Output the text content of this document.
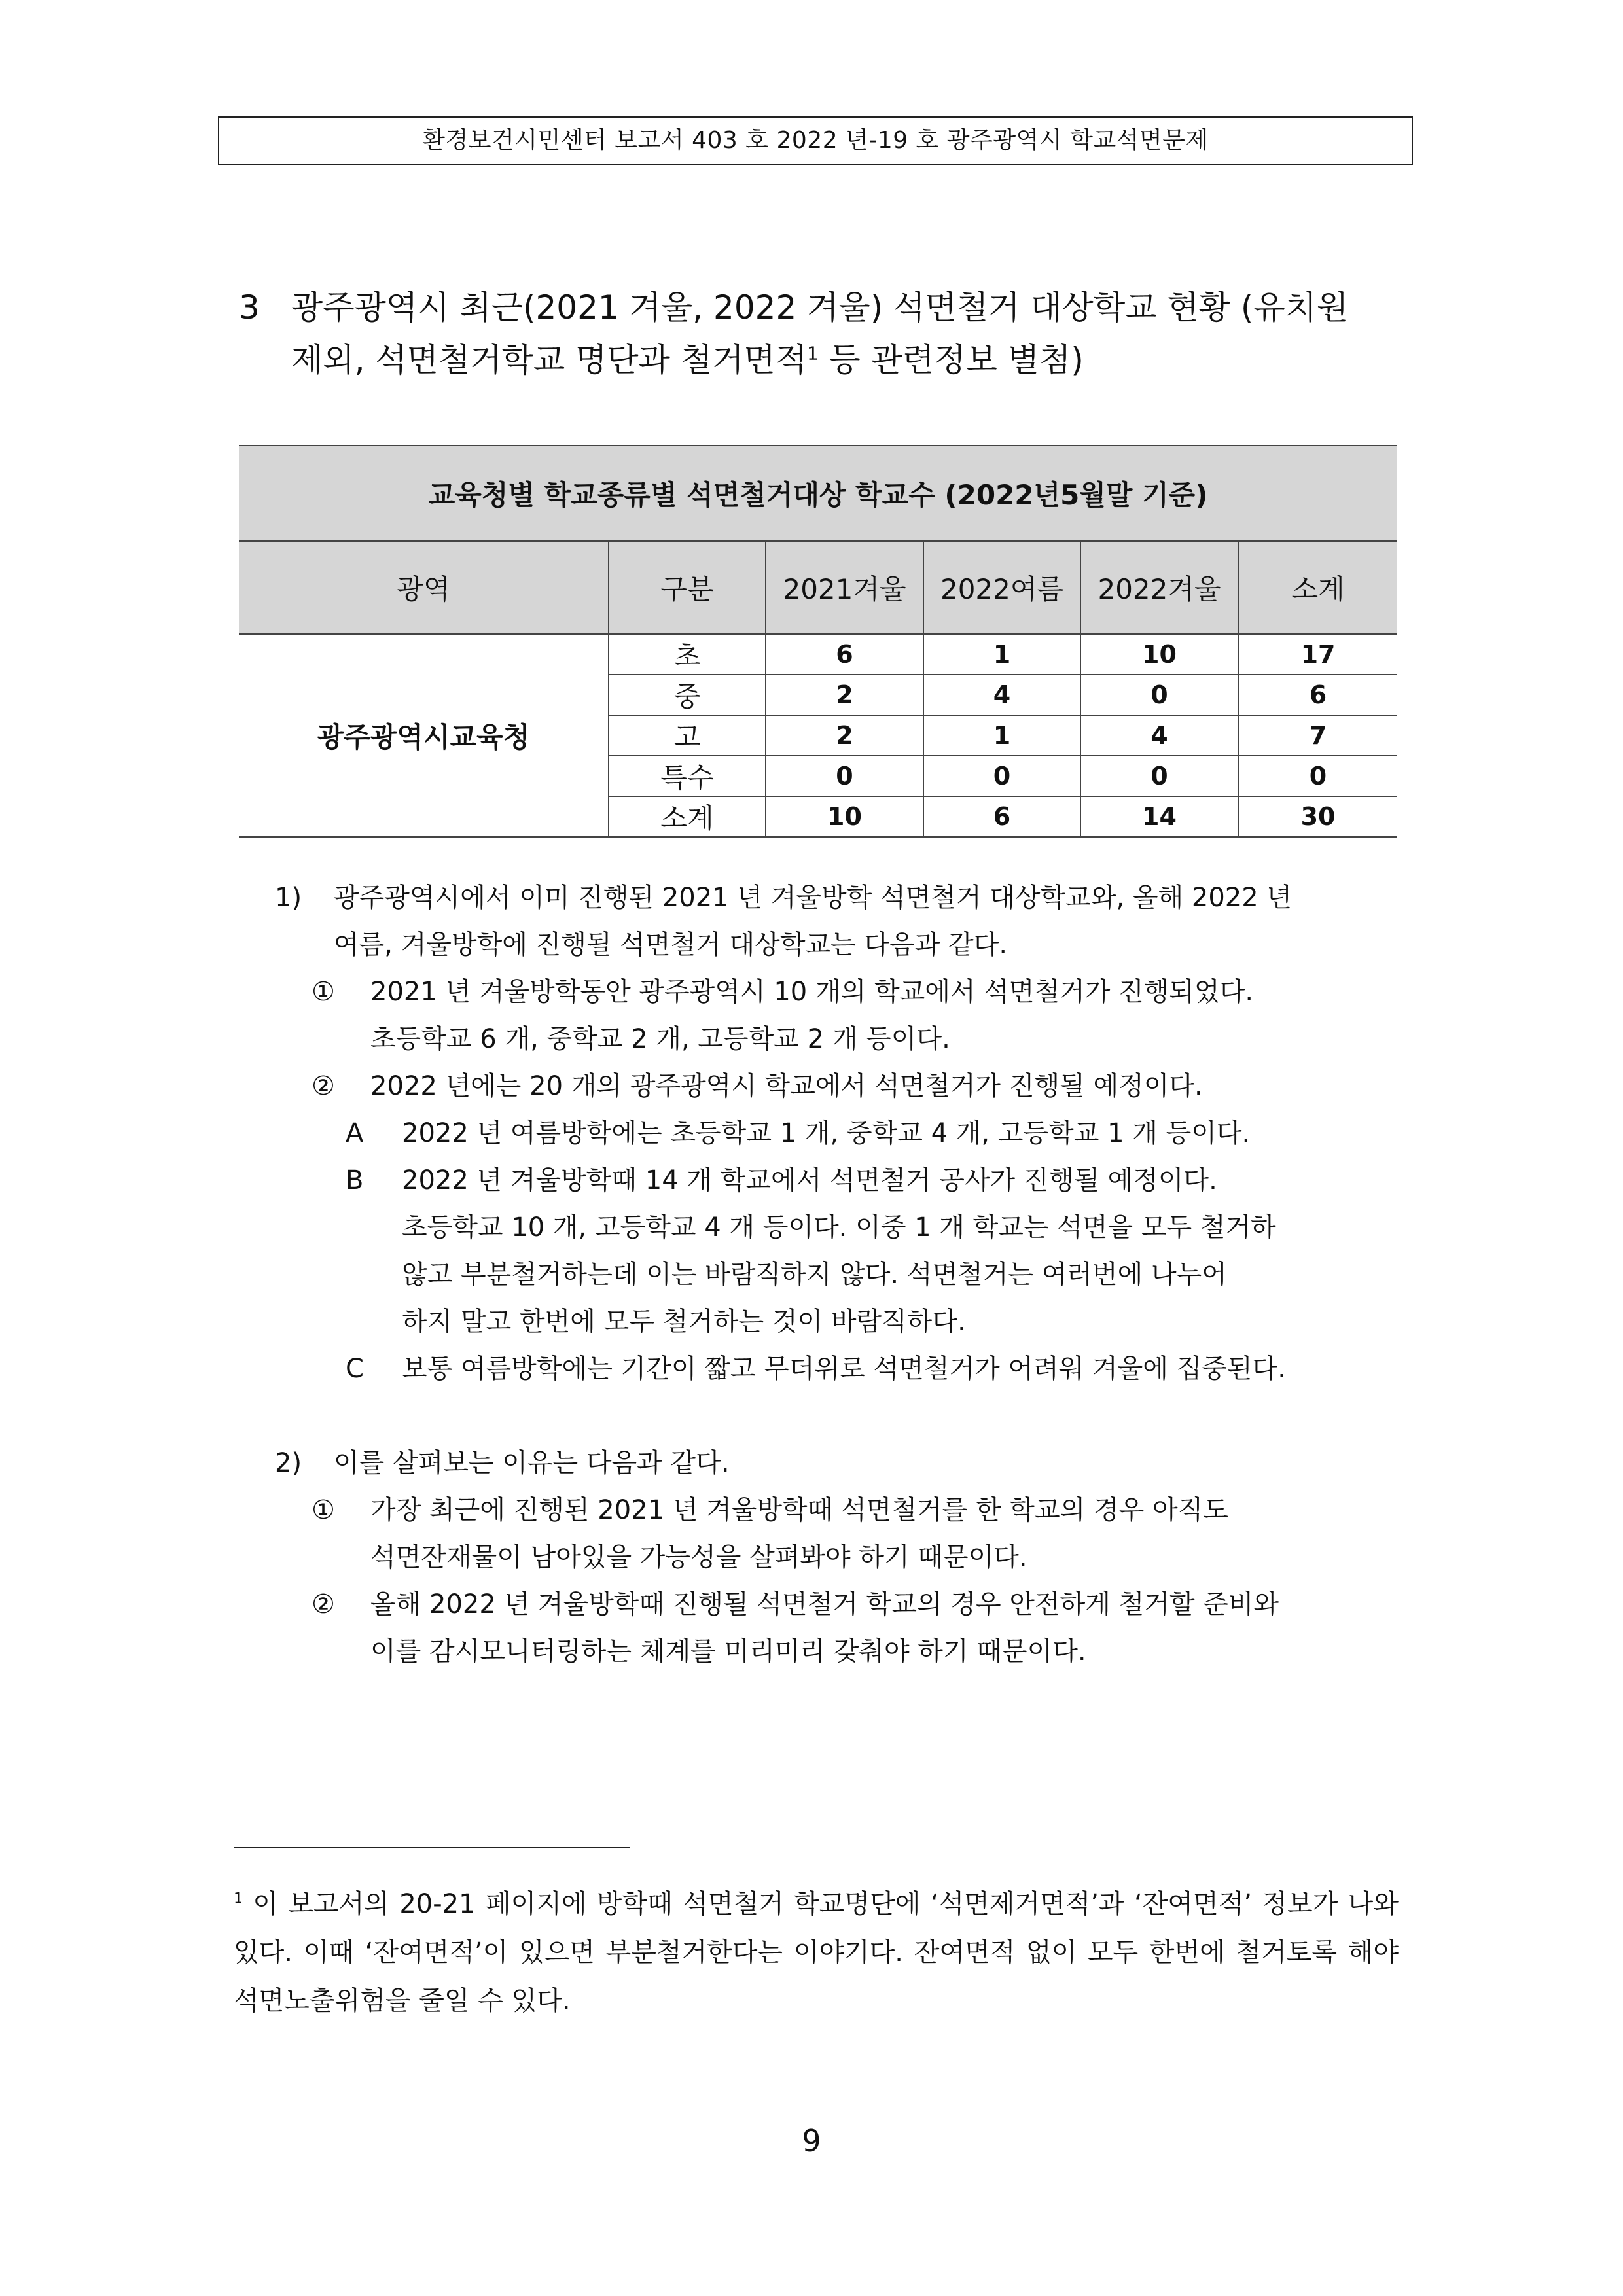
환경보건시민센터 보고서 403 호 2022 년-19 호 광주광역시 학교석면문제
3 광주광역시 최근(2021 겨울, 2022 겨울) 석면철거 대상학교 현황 (유치원
제외, 석면철거학교 명단과 철거면적$^1$ 등 관련정보 별첨)
교육청별 학교종류별 석면철거대상 학교수 (2022년5월말 기준)					
광역	구분	2021겨울	2022여름	2022겨울	소계
광주광역시교육청	초	6	1	10	17
	중	2	4	0	6
	고	2	1	4	7
	특수	0	0	0	0
	소계	10	6	14	30
1)	광주광역시에서 이미 진행된 2021 년 겨울방학 석면철거 대상학교와, 올해 2022 년
여름, 겨울방학에 진행될 석면철거 대상학교는 다음과 같다.
①	2021 년 겨울방학동안 광주광역시 10 개의 학교에서 석면철거가 진행되었다.
초등학교 6 개, 중학교 2 개, 고등학교 2 개 등이다.
②	2022 년에는 20 개의 광주광역시 학교에서 석면철거가 진행될 예정이다.
A	2022 년 여름방학에는 초등학교 1 개, 중학교 4 개, 고등학교 1 개 등이다.
B	2022 년 겨울방학때 14 개 학교에서 석면철거 공사가 진행될 예정이다.
초등학교 10 개, 고등학교 4 개 등이다. 이중 1 개 학교는 석면을 모두 철거하
않고 부분철거하는데 이는 바람직하지 않다. 석면철거는 여러번에 나누어
하지 말고 한번에 모두 철거하는 것이 바람직하다.
C	보통 여름방학에는 기간이 짧고 무더위로 석면철거가 어려워 겨울에 집중된다.
2)	이를 살펴보는 이유는 다음과 같다.
①	가장 최근에 진행된 2021 년 겨울방학때 석면철거를 한 학교의 경우 아직도
석면잔재물이 남아있을 가능성을 살펴봐야 하기 때문이다.
②	올해 2022 년 겨울방학때 진행될 석면철거 학교의 경우 안전하게 철거할 준비와
이를 감시모니터링하는 체계를 미리미리 갖춰야 하기 때문이다.
$^1$ 이 보고서의 20-21 페이지에 방학때 석면철거 학교명단에 ‘석면제거면적’과 ‘잔여면적’ 정보가 나와있다. 이때 ‘잔여면적’이 있으면 부분철거한다는 이야기다. 잔여면적 없이 모두 한번에 철거토록 해야 석면노출위험을 줄일 수 있다.
9
